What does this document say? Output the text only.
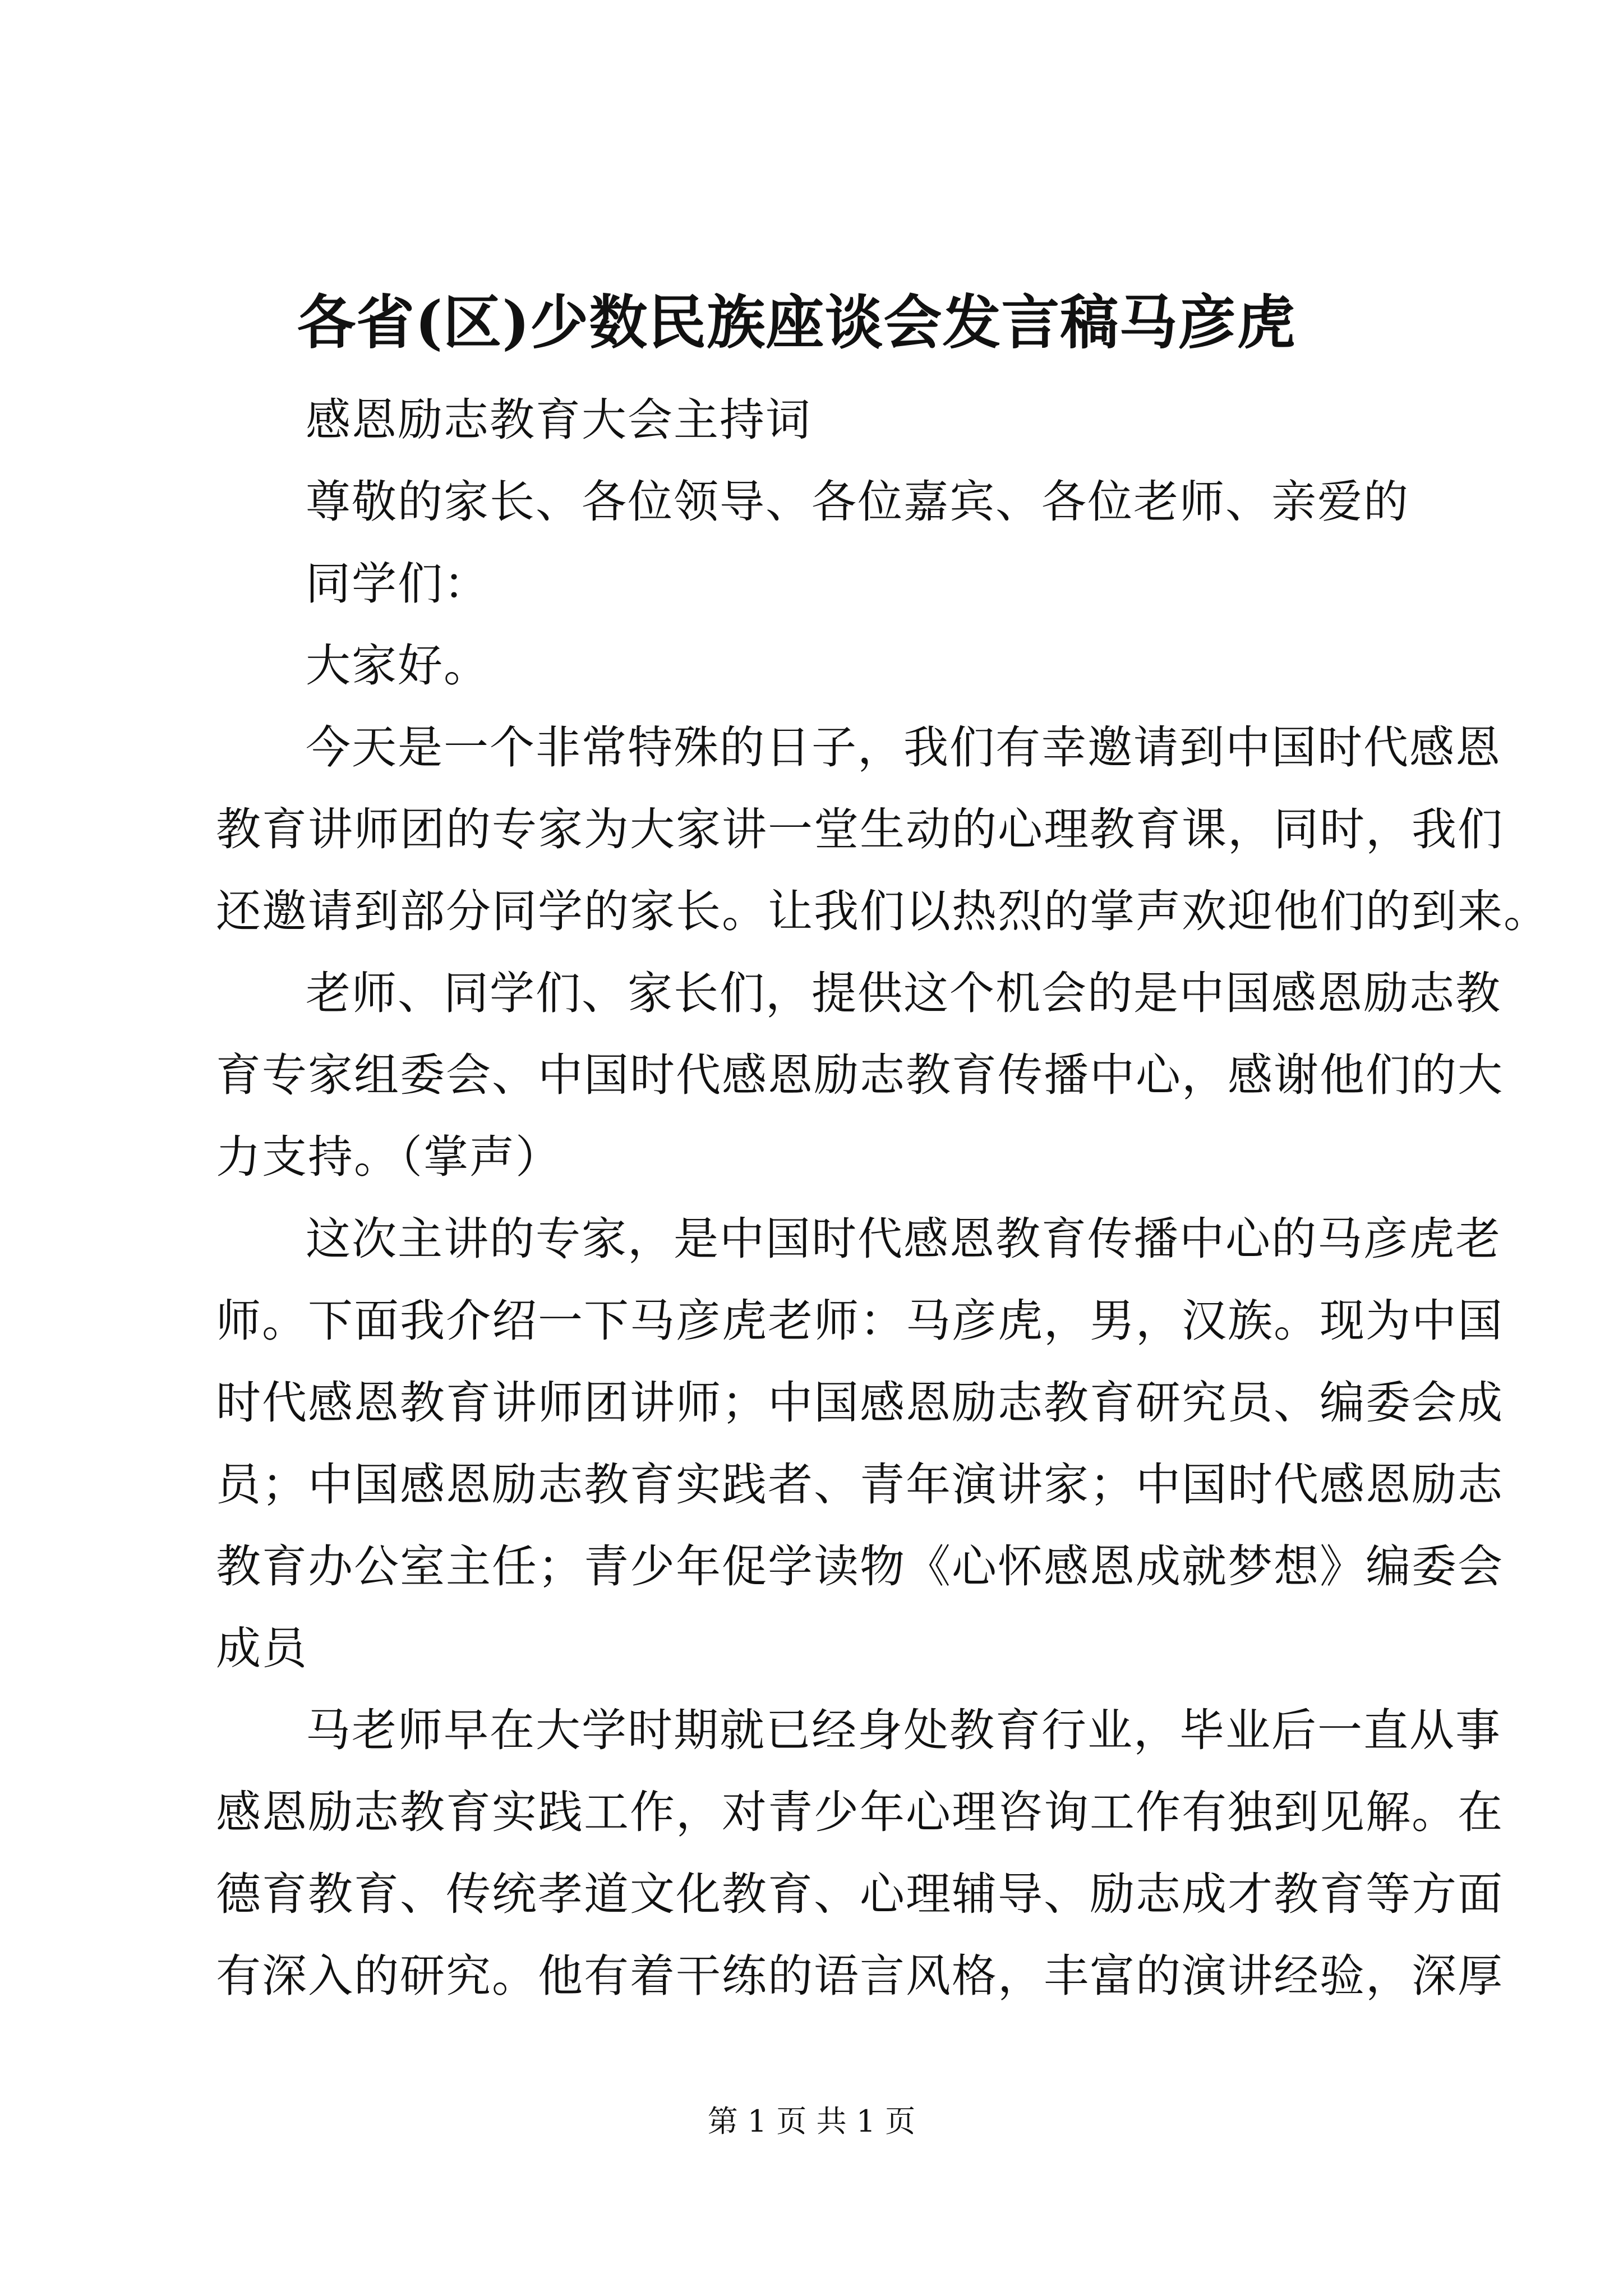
各省(区)少数民族座谈会发言稿马彦虎
感恩励志教育大会主持词
尊敬的家长、各位领导、各位嘉宾、各位老师、亲爱的
同学们：
大家好。
今天是一个非常特殊的日子，我们有幸邀请到中国时代感恩
教育讲师团的专家为大家讲一堂生动的心理教育课，同时，我们
还邀请到部分同学的家长。让我们以热烈的掌声欢迎他们的到来。
老师、同学们、家长们，提供这个机会的是中国感恩励志教
育专家组委会、中国时代感恩励志教育传播中心，感谢他们的大
力支持。（掌声）
这次主讲的专家，是中国时代感恩教育传播中心的马彦虎老
师。下面我介绍一下马彦虎老师：马彦虎，男，汉族。现为中国
时代感恩教育讲师团讲师；中国感恩励志教育研究员、编委会成
员；中国感恩励志教育实践者、青年演讲家；中国时代感恩励志
教育办公室主任；青少年促学读物《心怀感恩成就梦想》编委会
成员
马老师早在大学时期就已经身处教育行业，毕业后一直从事
感恩励志教育实践工作，对青少年心理咨询工作有独到见解。在
德育教育、传统孝道文化教育、心理辅导、励志成才教育等方面
有深入的研究。他有着干练的语言风格，丰富的演讲经验，深厚
第 1 页 共 1 页
